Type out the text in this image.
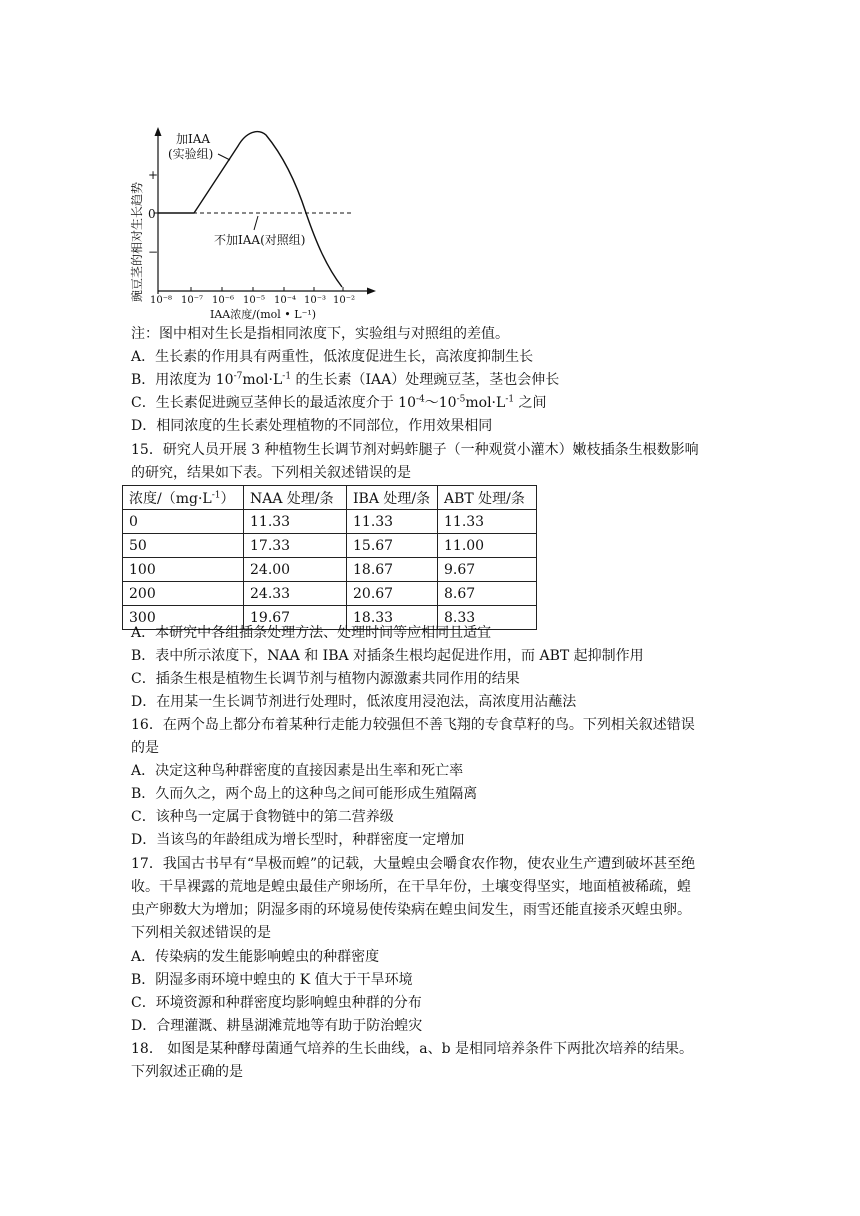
豌豆茎的相对生长趋势
+
0
−
10⁻⁸ 10⁻⁷ 10⁻⁶ 10⁻⁵ 10⁻⁴ 10⁻³ 10⁻²
IAA浓度/(mol • L⁻¹)
加IAA
(实验组)
不加IAA(对照组)
注：图中相对生长是指相同浓度下，实验组与对照组的差值。
A．生长素的作用具有两重性，低浓度促进生长，高浓度抑制生长
B．用浓度为 $10^{-7}mol\cdot L^{-1}$ 的生长素（IAA）处理豌豆茎，茎也会伸长
C．生长素促进豌豆茎伸长的最适浓度介于 $10^{-4}\sim 10^{-5}mol\cdot L^{-1}$ 之间
D．相同浓度的生长素处理植物的不同部位，作用效果相同
15．研究人员开展 3 种植物生长调节剂对蚂蚱腿子（一种观赏小灌木）嫩枝插条生根数影响
的研究，结果如下表。下列相关叙述错误的是
浓度$/(mg\cdot L^{-1})$	NAA 处理/条	IBA 处理/条	ABT 处理/条
0	11.33	11.33	11.33
50	17.33	15.67	11.00
100	24.00	18.67	9.67
200	24.33	20.67	8.67
300	19.67	18.33	8.33
A．本研究中各组插条处理方法、处理时间等应相同且适宜
B．表中所示浓度下，NAA 和 IBA 对插条生根均起促进作用，而 ABT 起抑制作用
C．插条生根是植物生长调节剂与植物内源激素共同作用的结果
D．在用某一生长调节剂进行处理时，低浓度用浸泡法，高浓度用沾蘸法
16．在两个岛上都分布着某种行走能力较强但不善飞翔的专食草籽的鸟。下列相关叙述错误
的是
A．决定这种鸟种群密度的直接因素是出生率和死亡率
B．久而久之，两个岛上的这种鸟之间可能形成生殖隔离
C．该种鸟一定属于食物链中的第二营养级
D．当该鸟的年龄组成为增长型时，种群密度一定增加
17．我国古书早有“旱极而蝗”的记载，大量蝗虫会嚼食农作物，使农业生产遭到破坏甚至绝
收。干旱裸露的荒地是蝗虫最佳产卵场所，在干旱年份，土壤变得坚实，地面植被稀疏，蝗
虫产卵数大为增加；阴湿多雨的环境易使传染病在蝗虫间发生，雨雪还能直接杀灭蝗虫卵。
下列相关叙述错误的是
A．传染病的发生能影响蝗虫的种群密度
B．阴湿多雨环境中蝗虫的 K 值大于干旱环境
C．环境资源和种群密度均影响蝗虫种群的分布
D．合理灌溉、耕垦湖滩荒地等有助于防治蝗灾
18． 如图是某种酵母菌通气培养的生长曲线，a、b 是相同培养条件下两批次培养的结果。
下列叙述正确的是
